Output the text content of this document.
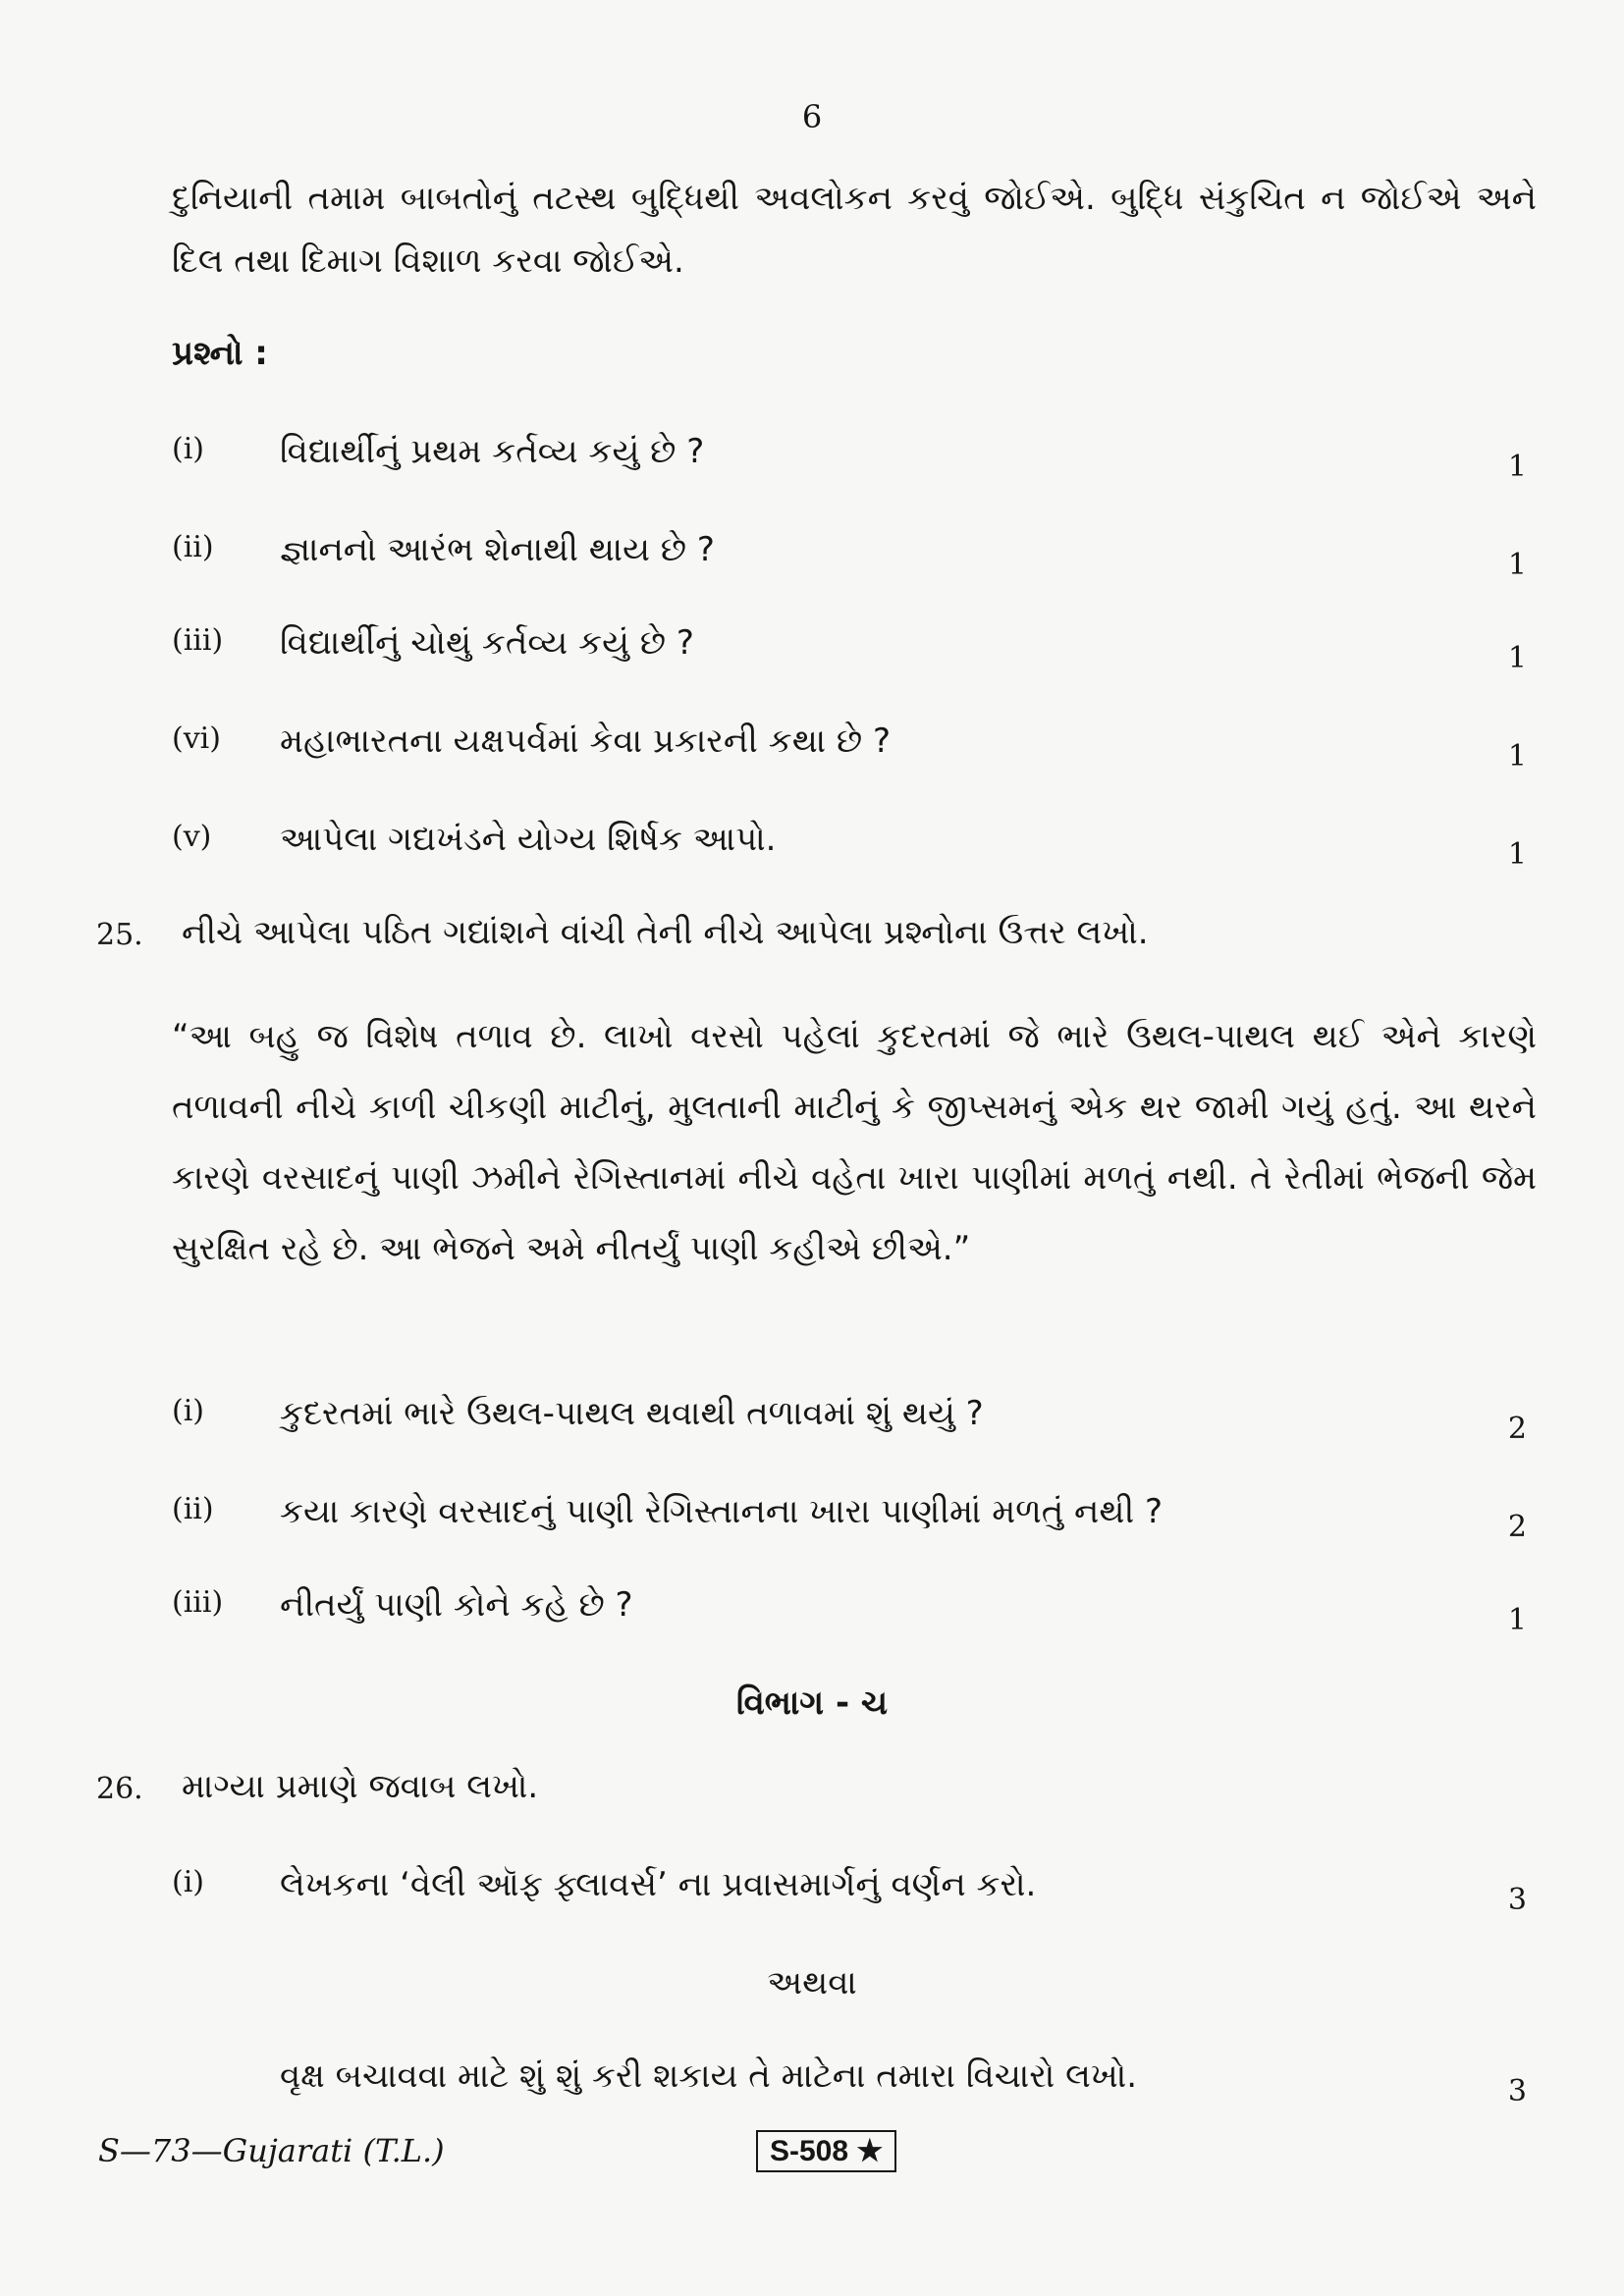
6
દુનિયાની તમામ બાબતોનું તટસ્થ બુદ્ધિથી અવલોકન કરવું જોઈએ. બુદ્ધિ સંકુચિત ન જોઈએ અને દિલ તથા દિમાગ વિશાળ કરવા જોઈએ.
પ્રશ્નો :
(i) વિદ્યાર્થીનું પ્રથમ કર્તવ્ય કયું છે ?	1
(ii) જ્ઞાનનો આરંભ શેનાથી થાય છે ?	1
(iii) વિદ્યાર્થીનું ચોથું કર્તવ્ય કયું છે ?	1
(vi) મહાભારતના યક્ષપર્વમાં કેવા પ્રકારની કથા છે ?	1
(v) આપેલા ગદ્યખંડને યોગ્ય શિર્ષક આપો.	1
25. નીચે આપેલા પઠિત ગદ્યાંશને વાંચી તેની નીચે આપેલા પ્રશ્નોના ઉત્તર લખો.
“આ બહુ જ વિશેષ તળાવ છે. લાખો વરસો પહેલાં કુદરતમાં જે ભારે ઉથલ-પાથલ થઈ એને કારણે તળાવની નીચે કાળી ચીકણી માટીનું, મુલતાની માટીનું કે જીપ્સમનું એક થર જામી ગયું હતું. આ થરને કારણે વરસાદનું પાણી ઝમીને રેગિસ્તાનમાં નીચે વહેતા ખારા પાણીમાં મળતું નથી. તે રેતીમાં ભેજની જેમ સુરક્ષિત રહે છે. આ ભેજને અમે નીતર્યું પાણી કહીએ છીએ.”
(i) કુદરતમાં ભારે ઉથલ-પાથલ થવાથી તળાવમાં શું થયું ?	2
(ii) કયા કારણે વરસાદનું પાણી રેગિસ્તાનના ખારા પાણીમાં મળતું નથી ?	2
(iii) નીતર્યું પાણી કોને કહે છે ?	1
વિભાગ - ચ
26. માગ્યા પ્રમાણે જવાબ લખો.
(i) લેખકના ‘વેલી ઑફ ફ્લાવર્સ’ ના પ્રવાસમાર્ગનું વર્ણન કરો.	3
અથવા
વૃક્ષ બચાવવા માટે શું શું કરી શકાય તે માટેના તમારા વિચારો લખો.	3
S—73—Gujarati (T.L.)	S-508 ★
